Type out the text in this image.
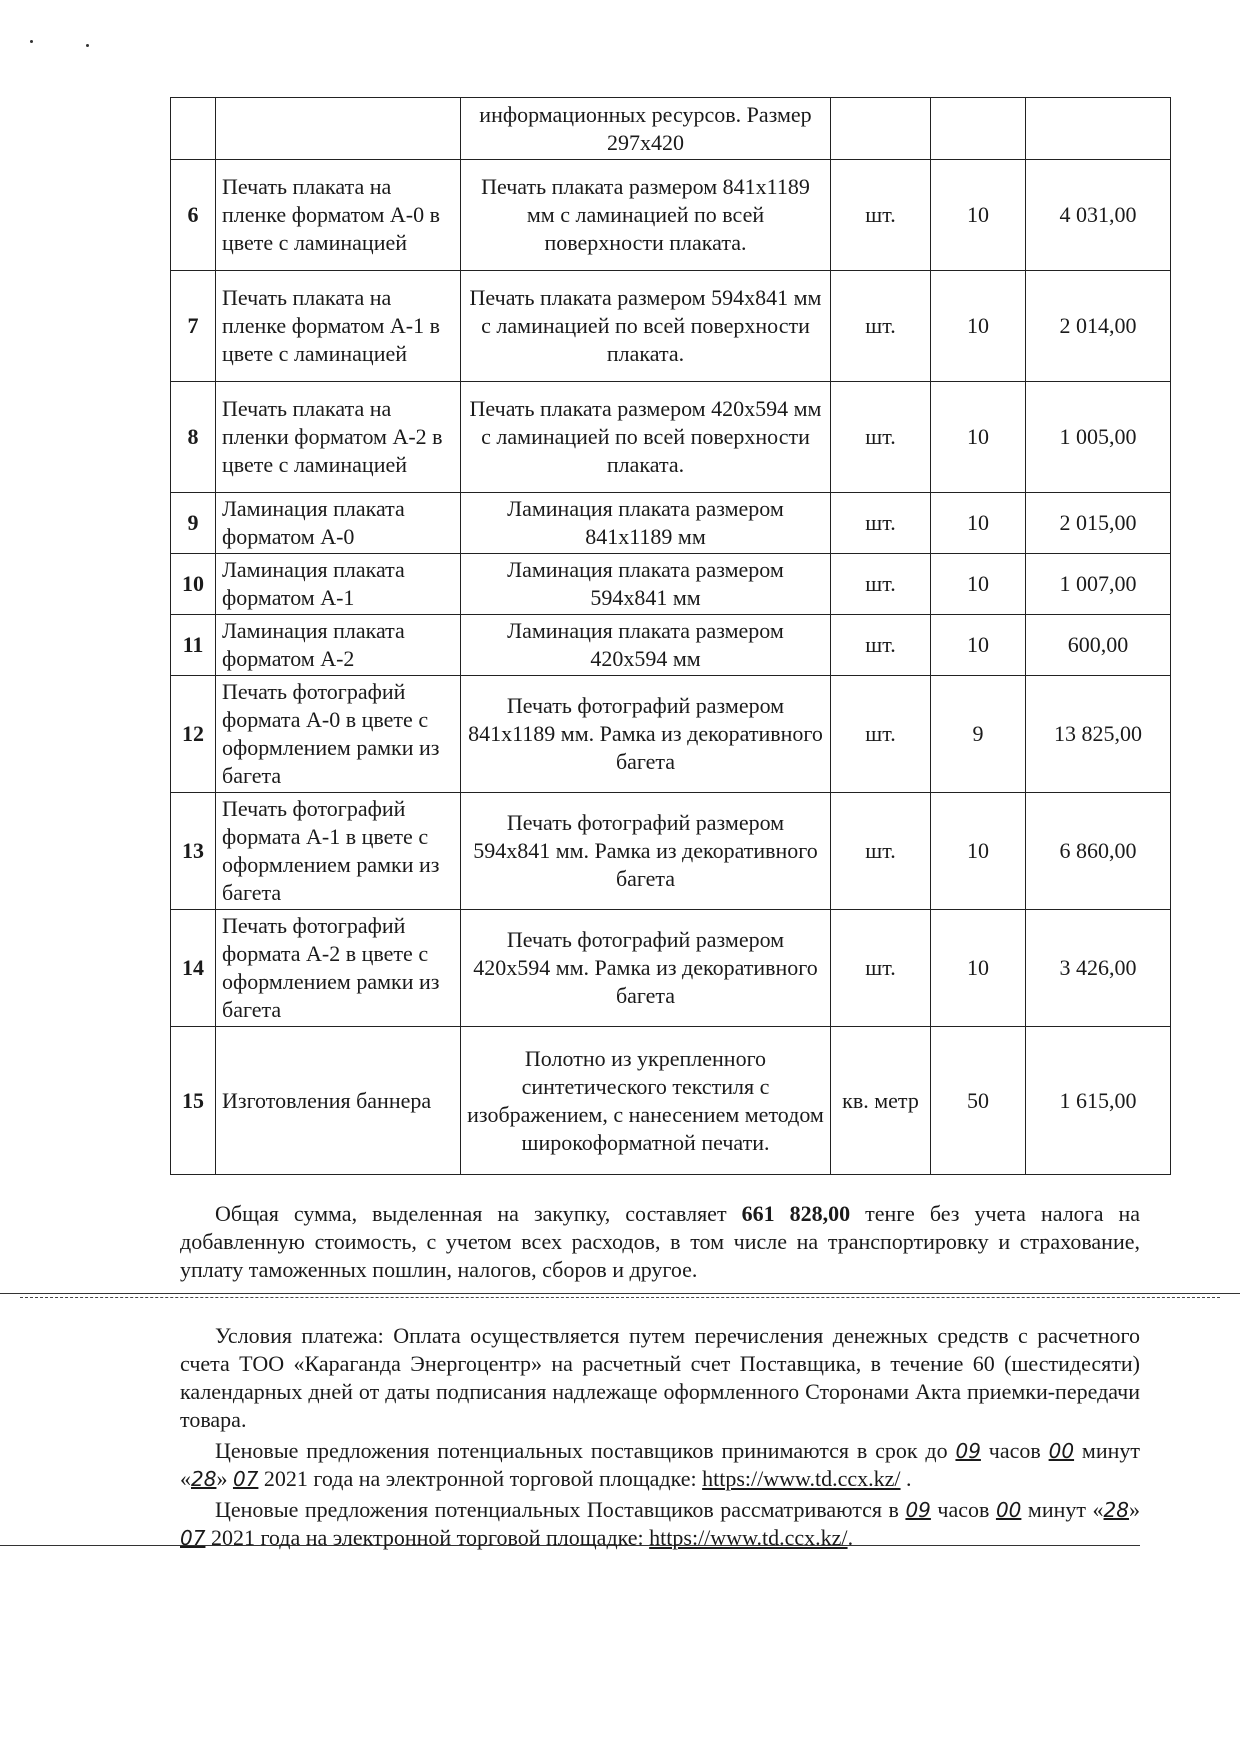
		информационных ресурсов. Размер 297х420			
6	Печать плаката на пленке форматом А-0 в цвете с ламинацией	Печать плаката размером 841х1189 мм с ламинацией по всей поверхности плаката.	шт.	10	4 031,00
7	Печать плаката на пленке форматом А-1 в цвете с ламинацией	Печать плаката размером 594х841 мм с ламинацией по всей поверхности плаката.	шт.	10	2 014,00
8	Печать плаката на пленки форматом А-2 в цвете с ламинацией	Печать плаката размером 420х594 мм с ламинацией по всей поверхности плаката.	шт.	10	1 005,00
9	Ламинация плаката форматом А-0	Ламинация плаката размером 841х1189 мм	шт.	10	2 015,00
10	Ламинация плаката форматом А-1	Ламинация плаката размером 594х841 мм	шт.	10	1 007,00
11	Ламинация плаката форматом А-2	Ламинация плаката размером 420х594 мм	шт.	10	600,00
12	Печать фотографий формата А-0 в цвете с оформлением рамки из багета	Печать фотографий размером 841х1189 мм. Рамка из декоративного багета	шт.	9	13 825,00
13	Печать фотографий формата А-1 в цвете с оформлением рамки из багета	Печать фотографий размером 594х841 мм. Рамка из декоративного багета	шт.	10	6 860,00
14	Печать фотографий формата А-2 в цвете с оформлением рамки из багета	Печать фотографий размером 420х594 мм. Рамка из декоративного багета	шт.	10	3 426,00
15	Изготовления баннера	Полотно из укрепленного синтетического текстиля с изображением, с нанесением методом широкоформатной печати.	кв. метр	50	1 615,00

Общая сумма, выделенная на закупку, составляет 661 828,00 тенге без учета налога на добавленную стоимость, с учетом всех расходов, в том числе на транспортировку и страхование, уплату таможенных пошлин, налогов, сборов и другое.

Условия платежа: Оплата осуществляется путем перечисления денежных средств с расчетного счета ТОО «Караганда Энергоцентр» на расчетный счет Поставщика, в течение 60 (шестидесяти) календарных дней от даты подписания надлежаще оформленного Сторонами Акта приемки-передачи товара.

Ценовые предложения потенциальных поставщиков принимаются в срок до 09 часов 00 минут «28» 07 2021 года на электронной торговой площадке: https://www.td.ccx.kz/ .

Ценовые предложения потенциальных Поставщиков рассматриваются в 09 часов 00 минут «28» 07 2021 года на электронной торговой площадке: https://www.td.ccx.kz/.
